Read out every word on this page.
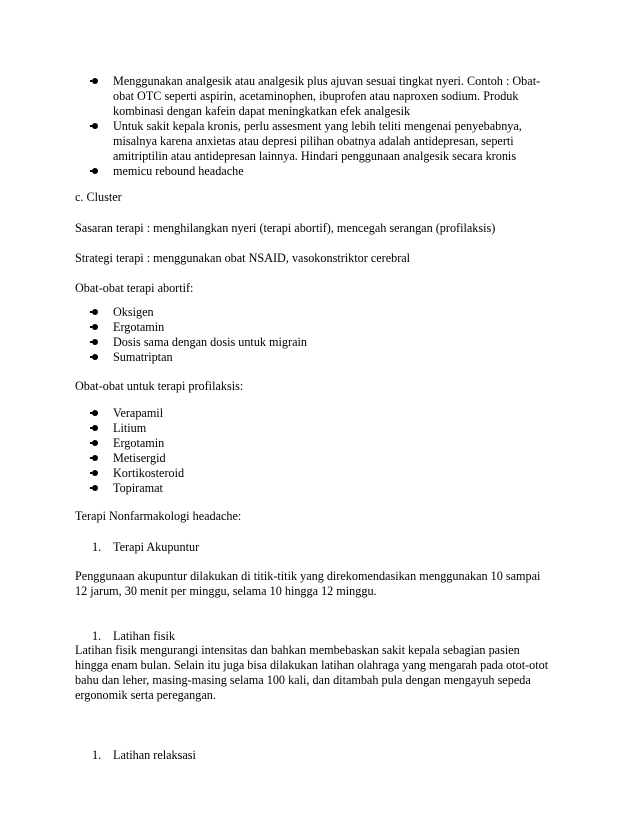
Menggunakan analgesik atau analgesik plus ajuvan sesuai tingkat nyeri. Contoh : Obat-
obat OTC seperti aspirin, acetaminophen, ibuprofen atau naproxen sodium. Produk
kombinasi dengan kafein dapat meningkatkan efek analgesik
Untuk sakit kepala kronis, perlu assesment yang lebih teliti mengenai penyebabnya,
misalnya karena anxietas atau depresi pilihan obatnya adalah antidepresan, seperti
amitriptilin atau antidepresan lainnya. Hindari penggunaan analgesik secara kronis
memicu rebound headache

c. Cluster

Sasaran terapi : menghilangkan nyeri (terapi abortif), mencegah serangan (profilaksis)

Strategi terapi : menggunakan obat NSAID, vasokonstriktor cerebral

Obat-obat terapi abortif:

Oksigen
Ergotamin
Dosis sama dengan dosis untuk migrain
Sumatriptan

Obat-obat untuk terapi profilaksis:

Verapamil
Litium
Ergotamin
Metisergid
Kortikosteroid
Topiramat

Terapi Nonfarmakologi headache:

1. Terapi Akupuntur

Penggunaan akupuntur dilakukan di titik-titik yang direkomendasikan menggunakan 10 sampai
12 jarum, 30 menit per minggu, selama 10 hingga 12 minggu.

1. Latihan fisik

Latihan fisik mengurangi intensitas dan bahkan membebaskan sakit kepala sebagian pasien
hingga enam bulan. Selain itu juga bisa dilakukan latihan olahraga yang mengarah pada otot-otot
bahu dan leher, masing-masing selama 100 kali, dan ditambah pula dengan mengayuh sepeda
ergonomik serta peregangan.

1. Latihan relaksasi
